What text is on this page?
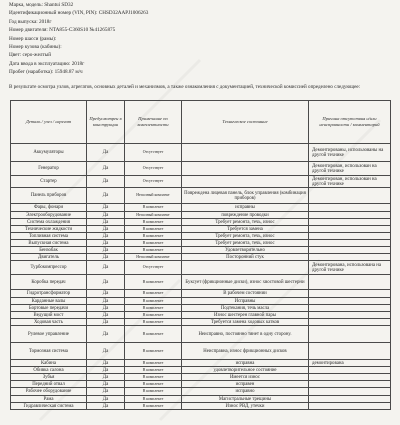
Марка, модель: Shantui SD32
Идентификационный номер (VIN, PIN): CHSD32AAPJ1006263
Год выпуска: 2018г
Номер двигателя: NTA855-C360S10 №41265875
Номер шасси (рамы):
Номер кузова (кабины):
Цвет: серо-желтый
Дата ввода в эксплуатацию: 2018г
Пробег (наработка): 15948.87 м/ч
В результате осмотра узлов, агрегатов, основных деталей и механизмов, а также ознакомления с документацией, технической комиссией определено следующее:
Деталь / узел / агрегат	Предусмотрен в конструкции	Примечание по комплектности	Техническое состояние	Причина отсутствия и/или неисправности / комментарий
Аккумуляторы	Да	Отсутствует		Демонтированы, использованы на другой технике
Генератор	Да	Отсутствует		Демонтирован, использован на другой технике
Стартер	Да	Отсутствует		Демонтирован, использован на другой технике
Панель приборов	Да	Неполный комплект	Повреждена лицевая панель, блок управления (комбинация приборов)	
Фары, фонари	Да	В комплекте	исправны	
Электрооборудование	Да	Неполный комплект	повреждение проводки	
Система охлаждения	Да	В комплекте	Требует ремонта, течь, износ	
Технические жидкости	Да	В комплекте	Требуется замена	
Топливная система	Да	В комплекте	Требует ремонта, течь, износ	
Выпускная система	Да	В комплекте	Требует ремонта, течь, износ	
Бензобак	Да	В комплекте	Удовлетворительно	
Двигатель	Да	Неполный комплект	Посторонний стук	
Турбокомпрессор	Да	Отсутствует		Демонтирована, использована на другой технике
Коробка передач	Да	В комплекте	Буксует (фрикционные диски), износ хвостовой шестерни	
Гидротрансформатор	Да	В комплекте	В рабочем состоянии	
Карданные валы	Да	В комплекте	Исправны	
Бортовые передачи	Да	В комплекте	Подтекания, течь масла	
Ведущий мост	Да	В комплекте	Износ шестерен главной пары	
Ходовая часть	Да	В комплекте	Требуется замена ходовых катков	
Рулевое управление	Да	В комплекте	Неисправно, постоянно тянет в одну сторону.	
Тормозная система	Да	В комплекте	Неисправна, износ фрикционных дисков	
Кабина	Да	В комплекте	исправна	демонтирована
Обивка салона	Да	В комплекте	удовлетворительное состояние	
Зубья	Да	В комплекте	Имеется износ	
Передний отвал	Да	В комплекте	исправен	
Рабочее оборудование	Да	В комплекте	исправно	
Рама	Да	В комплекте	Магистральные трещины	
Гидравлическая система	Да	В комплекте	Износ РВД, утечки	
